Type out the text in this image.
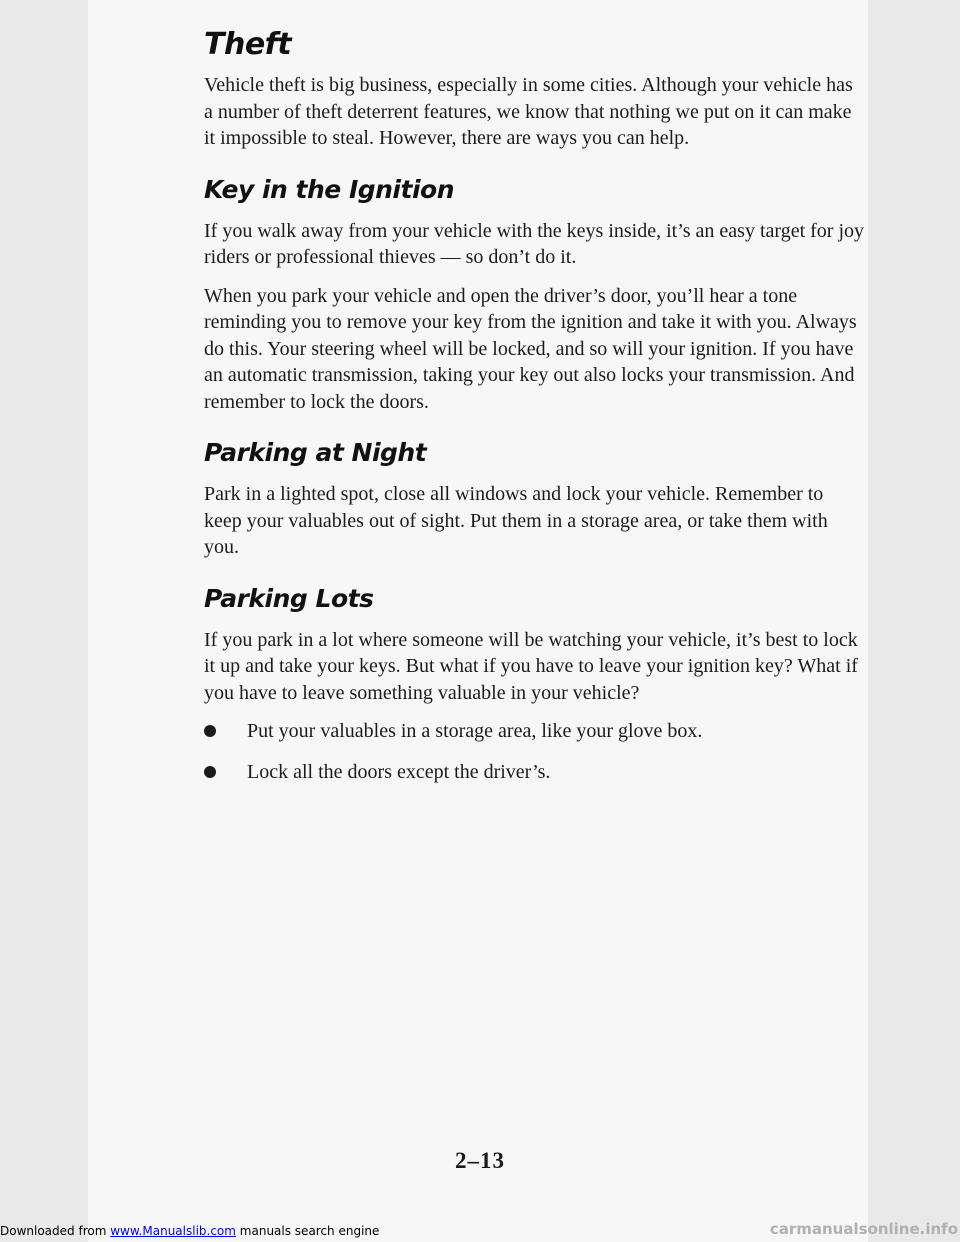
Theft

Vehicle theft is big business, especially in some cities. Although your vehicle has a number of theft deterrent features, we know that nothing we put on it can make it impossible to steal. However, there are ways you can help.

Key in the Ignition

If you walk away from your vehicle with the keys inside, it’s an easy target for joy riders or professional thieves — so don’t do it.

When you park your vehicle and open the driver’s door, you’ll hear a tone reminding you to remove your key from the ignition and take it with you. Always do this. Your steering wheel will be locked, and so will your ignition. If you have an automatic transmission, taking your key out also locks your transmission. And remember to lock the doors.

Parking at Night

Park in a lighted spot, close all windows and lock your vehicle. Remember to keep your valuables out of sight. Put them in a storage area, or take them with you.

Parking Lots

If you park in a lot where someone will be watching your vehicle, it’s best to lock it up and take your keys. But what if you have to leave your ignition key? What if you have to leave something valuable in your vehicle?

Put your valuables in a storage area, like your glove box.
Lock all the doors except the driver’s.
2–13
Downloaded from www.Manualslib.com manuals search engine	carmanualsonline.info
